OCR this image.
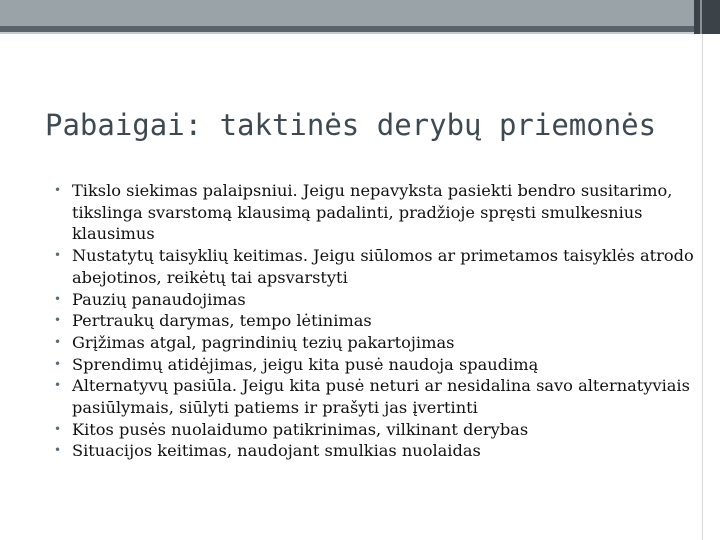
Pabaigai: taktinės derybų priemonės
• Tikslo siekimas palaipsniui. Jeigu nepavyksta pasiekti bendro susitarimo, tikslinga svarstomą klausimą padalinti, pradžioje spręsti smulkesnius klausimus
• Nustatytų taisyklių keitimas. Jeigu siūlomos ar primetamos taisyklės atrodo abejotinos, reikėtų tai apsvarstyti
• Pauzių panaudojimas
• Pertraukų darymas, tempo lėtinimas
• Grįžimas atgal, pagrindinių tezių pakartojimas
• Sprendimų atidėjimas, jeigu kita pusė naudoja spaudimą
• Alternatyvų pasiūla. Jeigu kita pusė neturi ar nesidalina savo alternatyviais pasiūlymais, siūlyti patiems ir prašyti jas įvertinti
• Kitos pusės nuolaidumo patikrinimas, vilkinant derybas
• Situacijos keitimas, naudojant smulkias nuolaidas
